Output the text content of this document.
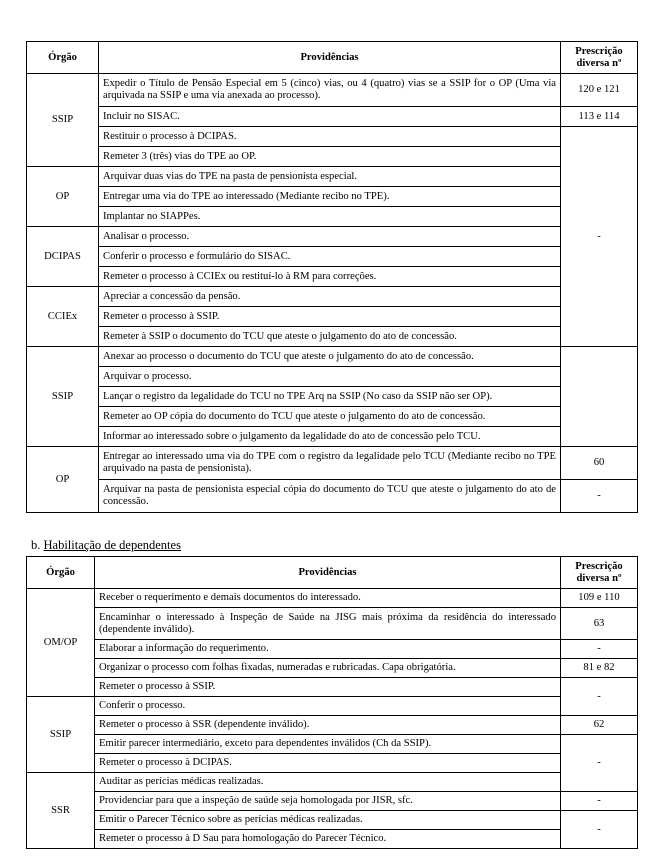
Órgão	Providências	Prescrição
diversa nº
SSIP	Expedir o Título de Pensão Especial em 5 (cinco) vias, ou 4 (quatro) vias se a SSIP for o OP (Uma via arquivada na SSIP e uma via anexada ao processo).	120 e 121
	Incluir no SISAC.	113 e 114
	Restituir o processo à DCIPAS.	-
	Remeter 3 (três) vias do TPE ao OP.	
OP	Arquivar duas vias do TPE na pasta de pensionista especial.	
	Entregar uma via do TPE ao interessado (Mediante recibo no TPE).	
	Implantar no SIAPPes.	
DCIPAS	Analisar o processo.	
	Conferir o processo e formulário do SISAC.	
	Remeter o processo à CCIEx ou restituí-lo à RM para correções.	
CCIEx	Apreciar a concessão da pensão.	
	Remeter o processo à SSIP.	
	Remeter à SSIP o documento do TCU que ateste o julgamento do ato de concessão.	
SSIP	Anexar ao processo o documento do TCU que ateste o julgamento do ato de concessão.	
	Arquivar o processo.	
	Lançar o registro da legalidade do TCU no TPE Arq na SSIP (No caso da SSIP não ser OP).	
	Remeter ao OP cópia do documento do TCU que ateste o julgamento do ato de concessão.	
	Informar ao interessado sobre o julgamento da legalidade do ato de concessão pelo TCU.	
OP	Entregar ao interessado uma via do TPE com o registro da legalidade pelo TCU (Mediante recibo no TPE arquivado na pasta de pensionista).	60
	Arquivar na pasta de pensionista especial cópia do documento do TCU que ateste o julgamento do ato de concessão.	-
b. Habilitação de dependentes
Órgão	Providências	Prescrição
diversa nº
OM/OP	Receber o requerimento e demais documentos do interessado.	109 e 110
	Encaminhar o interessado à Inspeção de Saúde na JISG mais próxima da residência do interessado (dependente inválido).	63
	Elaborar a informação do requerimento.	-
	Organizar o processo com folhas fixadas, numeradas e rubricadas. Capa obrigatória.	81 e 82
	Remeter o processo à SSIP.	-
SSIP	Conferir o processo.	
	Remeter o processo à SSR (dependente inválido).	62
	Emitir parecer intermediário, exceto para dependentes inválidos (Ch da SSIP).	-
	Remeter o processo à DCIPAS.	
SSR	Auditar as perícias médicas realizadas.	
	Providenciar para que a inspeção de saúde seja homologada por JISR, sfc.	-
	Emitir o Parecer Técnico sobre as perícias médicas realizadas.	-
	Remeter o processo à D Sau para homologação do Parecer Técnico.	
